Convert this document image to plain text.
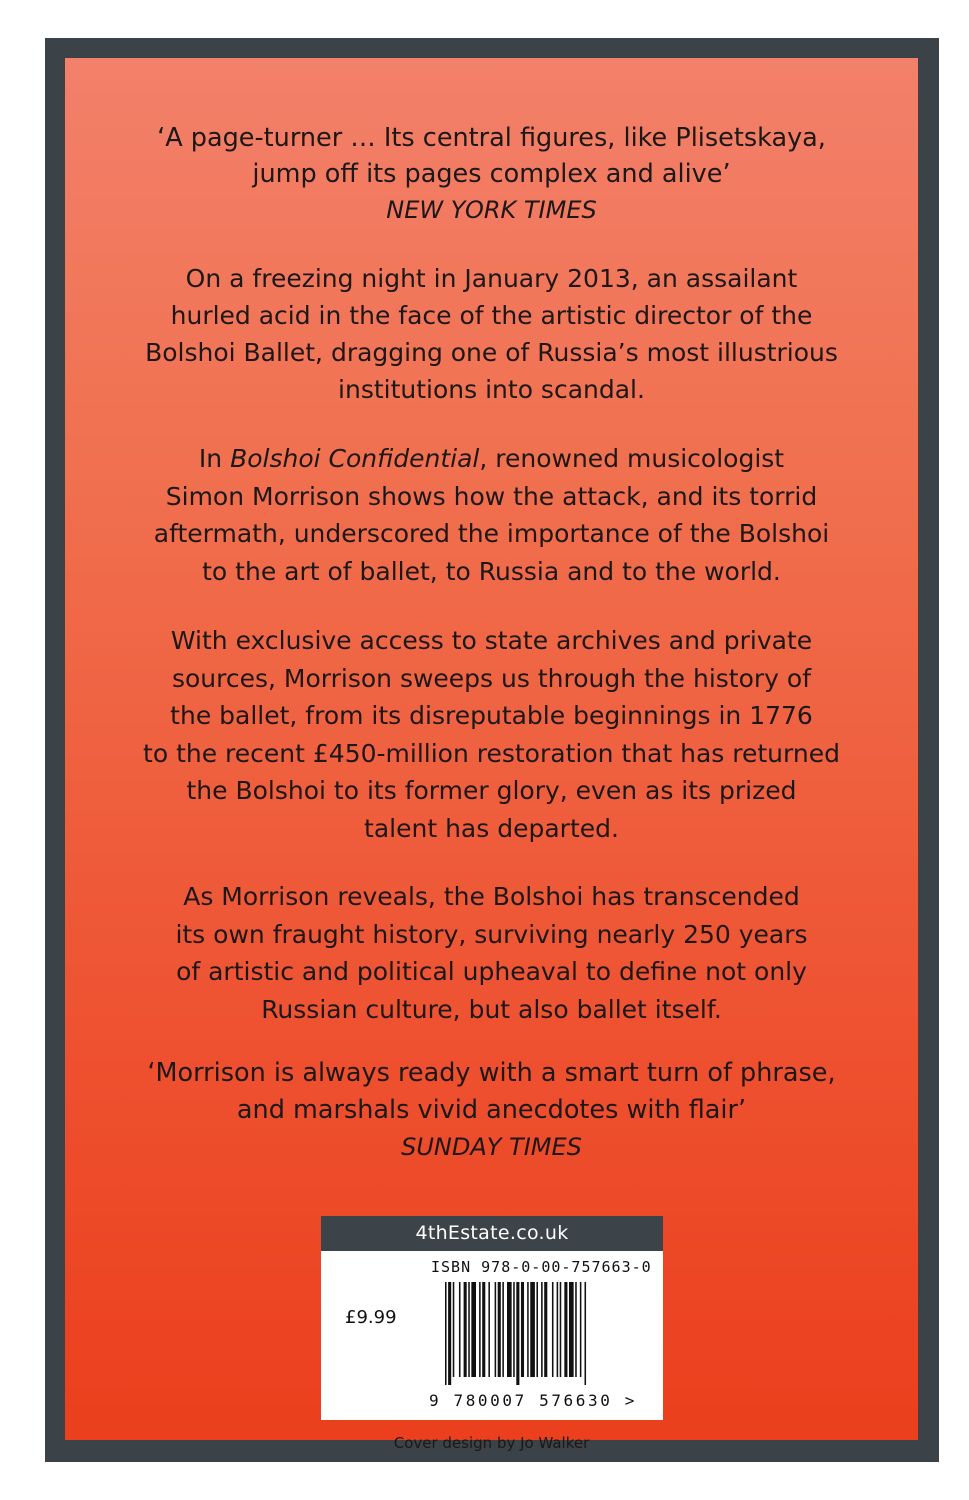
‘A page-turner … Its central figures, like Plisetskaya,
jump off its pages complex and alive’
NEW YORK TIMES
On a freezing night in January 2013, an assailant
hurled acid in the face of the artistic director of the
Bolshoi Ballet, dragging one of Russia’s most illustrious
institutions into scandal.
In Bolshoi Confidential, renowned musicologist
Simon Morrison shows how the attack, and its torrid
aftermath, underscored the importance of the Bolshoi
to the art of ballet, to Russia and to the world.
With exclusive access to state archives and private
sources, Morrison sweeps us through the history of
the ballet, from its disreputable beginnings in 1776
to the recent £450-million restoration that has returned
the Bolshoi to its former glory, even as its prized
talent has departed.
As Morrison reveals, the Bolshoi has transcended
its own fraught history, surviving nearly 250 years
of artistic and political upheaval to define not only
Russian culture, but also ballet itself.
‘Morrison is always ready with a smart turn of phrase,
and marshals vivid anecdotes with flair’
SUNDAY TIMES
4thEstate.co.uk
ISBN 978-0-00-757663-0
£9.99
9 780007 576630 >
Cover design by Jo Walker
